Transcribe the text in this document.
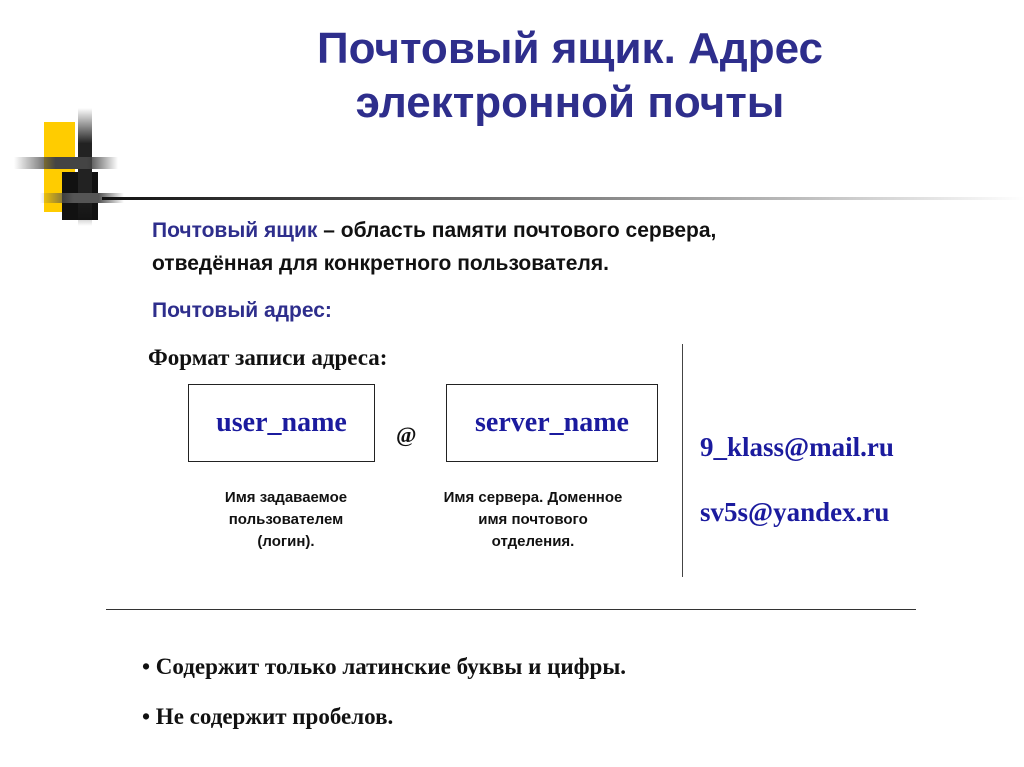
Почтовый ящик. Адрес
электронной почты
Почтовый ящик – область памяти почтового сервера,
отведённая для конкретного пользователя.
Почтовый адрес:
Формат записи адреса:
user_name @ server_name
Имя задаваемое
пользователем
(логин).
Имя сервера. Доменное
имя почтового
отделения.
9_klass@mail.ru
sv5s@yandex.ru
• Содержит только латинские буквы и цифры.
• Не содержит пробелов.
